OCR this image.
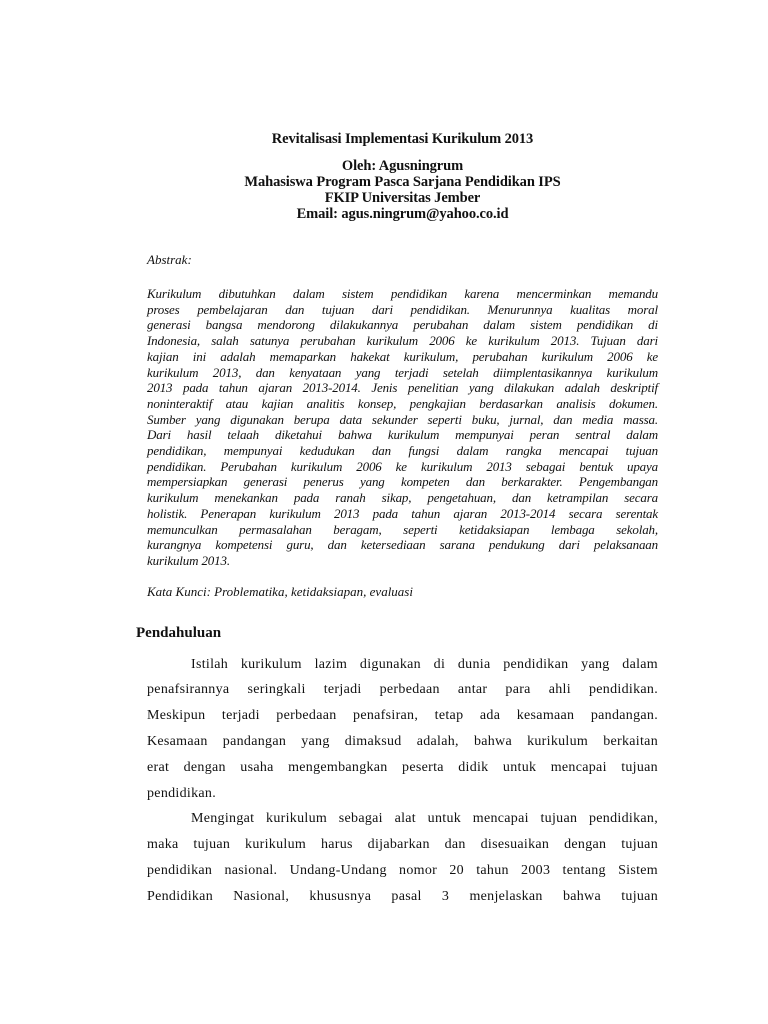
Revitalisasi Implementasi Kurikulum 2013
Oleh: Agusningrum
Mahasiswa Program Pasca Sarjana Pendidikan IPS
FKIP Universitas Jember
Email: agus.ningrum@yahoo.co.id
Abstrak:
Kurikulum dibutuhkan dalam sistem pendidikan karena mencerminkan memandu
proses pembelajaran dan tujuan dari pendidikan. Menurunnya kualitas moral
generasi bangsa mendorong dilakukannya perubahan dalam sistem pendidikan di
Indonesia, salah satunya perubahan kurikulum 2006 ke kurikulum 2013. Tujuan dari
kajian ini adalah memaparkan hakekat kurikulum, perubahan kurikulum 2006 ke
kurikulum 2013, dan kenyataan yang terjadi setelah diimplentasikannya kurikulum
2013 pada tahun ajaran 2013-2014. Jenis penelitian yang dilakukan adalah deskriptif
noninteraktif atau kajian analitis konsep, pengkajian berdasarkan analisis dokumen.
Sumber yang digunakan berupa data sekunder seperti buku, jurnal, dan media massa.
Dari hasil telaah diketahui bahwa kurikulum mempunyai peran sentral dalam
pendidikan, mempunyai kedudukan dan fungsi dalam rangka mencapai tujuan
pendidikan. Perubahan kurikulum 2006 ke kurikulum 2013 sebagai bentuk upaya
mempersiapkan generasi penerus yang kompeten dan berkarakter. Pengembangan
kurikulum menekankan pada ranah sikap, pengetahuan, dan ketrampilan secara
holistik. Penerapan kurikulum 2013 pada tahun ajaran 2013-2014 secara serentak
memunculkan permasalahan beragam, seperti ketidaksiapan lembaga sekolah,
kurangnya kompetensi guru, dan ketersediaan sarana pendukung dari pelaksanaan
kurikulum 2013.
Kata Kunci: Problematika, ketidaksiapan, evaluasi
Pendahuluan
Istilah kurikulum lazim digunakan di dunia pendidikan yang dalam
penafsirannya seringkali terjadi perbedaan antar para ahli pendidikan.
Meskipun terjadi perbedaan penafsiran, tetap ada kesamaan pandangan.
Kesamaan pandangan yang dimaksud adalah, bahwa kurikulum berkaitan
erat dengan usaha mengembangkan peserta didik untuk mencapai tujuan
pendidikan.
Mengingat kurikulum sebagai alat untuk mencapai tujuan pendidikan,
maka tujuan kurikulum harus dijabarkan dan disesuaikan dengan tujuan
pendidikan nasional. Undang-Undang nomor 20 tahun 2003 tentang Sistem
Pendidikan Nasional, khususnya pasal 3 menjelaskan bahwa tujuan
